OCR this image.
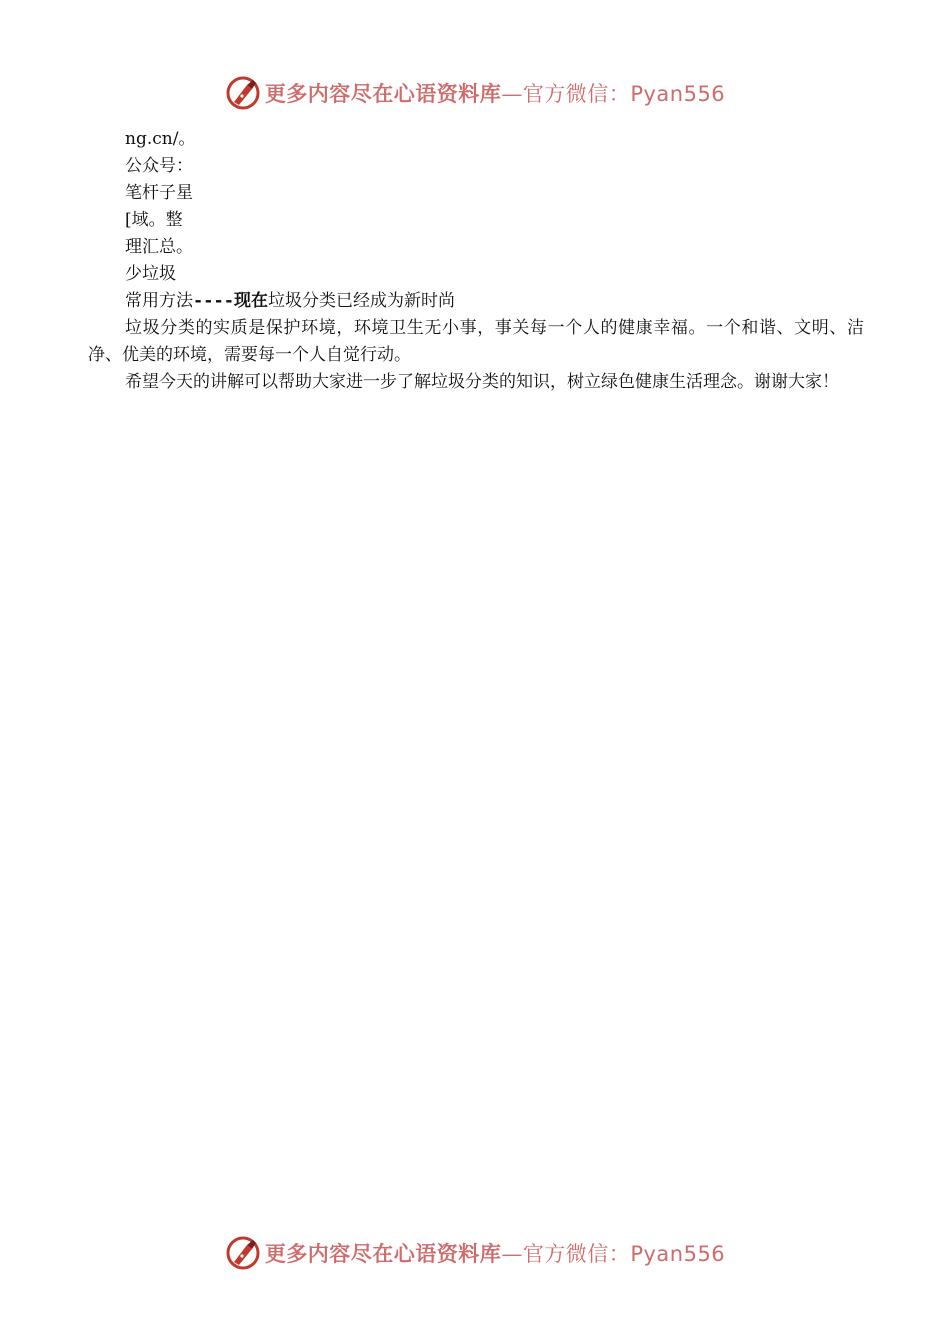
更多内容尽在心语资料库—官方微信：Pyan556
ng.cn/。
公众号：
笔杆子星
[域。整
理汇总。
少垃圾
常用方法----现在垃圾分类已经成为新时尚

垃圾分类的实质是保护环境，环境卫生无小事，事关每一个人的健康幸福。一个和谐、文明、洁净、优美的环境，需要每一个人自觉行动。

希望今天的讲解可以帮助大家进一步了解垃圾分类的知识，树立绿色健康生活理念。谢谢大家！

更多内容尽在心语资料库—官方微信：Pyan556
